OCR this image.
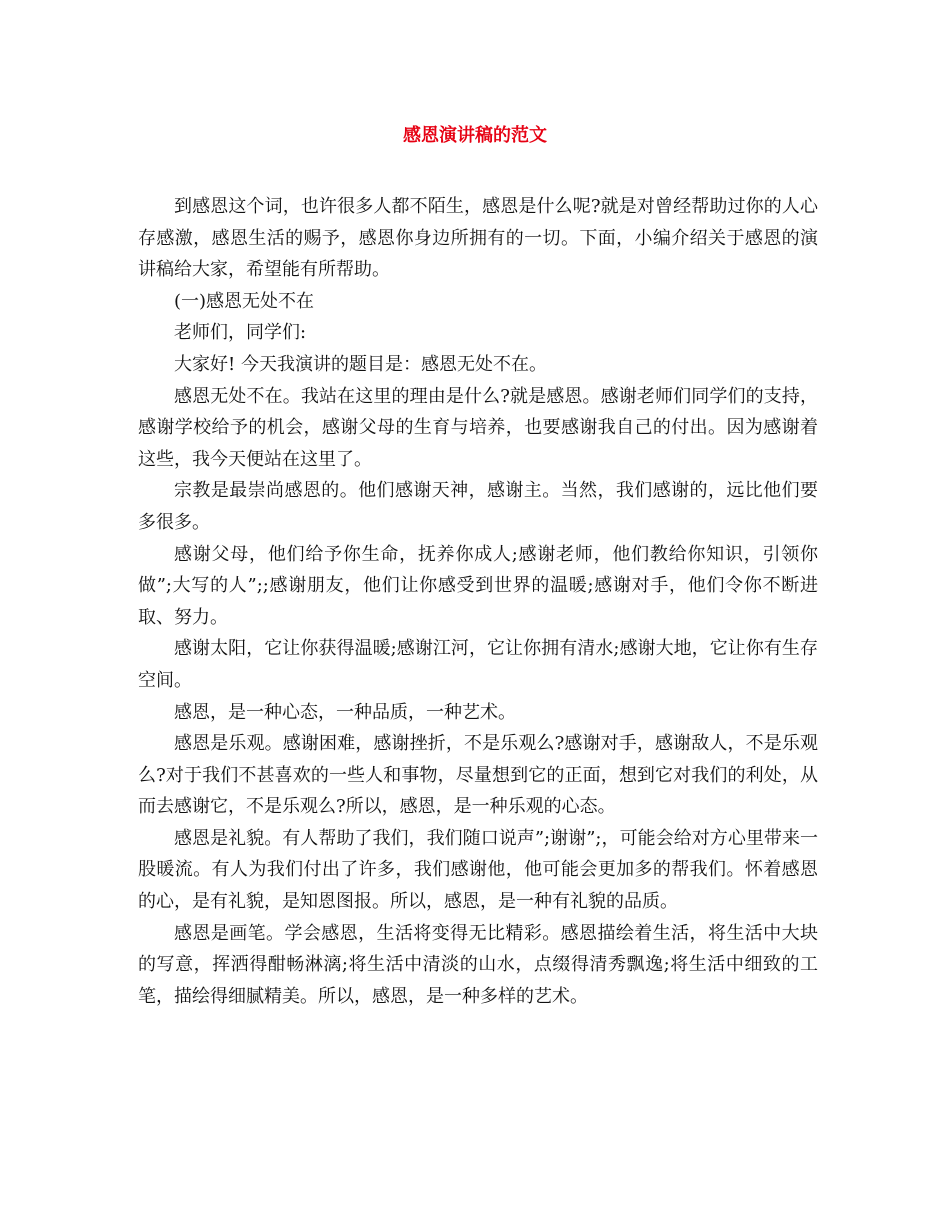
感恩演讲稿的范文

到感恩这个词，也许很多人都不陌生，感恩是什么呢?就是对曾经帮助过你的人心存感激，感恩生活的赐予，感恩你身边所拥有的一切。下面，小编介绍关于感恩的演讲稿给大家，希望能有所帮助。

(一)感恩无处不在

老师们，同学们:

大家好! 今天我演讲的题目是：感恩无处不在。

感恩无处不在。我站在这里的理由是什么?就是感恩。感谢老师们同学们的支持，感谢学校给予的机会，感谢父母的生育与培养，也要感谢我自己的付出。因为感谢着这些，我今天便站在这里了。

宗教是最崇尚感恩的。他们感谢天神，感谢主。当然，我们感谢的，远比他们要多很多。

感谢父母，他们给予你生命，抚养你成人;感谢老师，他们教给你知识，引领你做”;大写的人”;;感谢朋友，他们让你感受到世界的温暖;感谢对手，他们令你不断进取、努力。

感谢太阳，它让你获得温暖;感谢江河，它让你拥有清水;感谢大地，它让你有生存空间。

感恩，是一种心态，一种品质，一种艺术。

感恩是乐观。感谢困难，感谢挫折，不是乐观么?感谢对手，感谢敌人，不是乐观么?对于我们不甚喜欢的一些人和事物，尽量想到它的正面，想到它对我们的利处，从而去感谢它，不是乐观么?所以，感恩，是一种乐观的心态。

感恩是礼貌。有人帮助了我们，我们随口说声”;谢谢”;，可能会给对方心里带来一股暖流。有人为我们付出了许多，我们感谢他，他可能会更加多的帮我们。怀着感恩的心，是有礼貌，是知恩图报。所以，感恩，是一种有礼貌的品质。

感恩是画笔。学会感恩，生活将变得无比精彩。感恩描绘着生活，将生活中大块的写意，挥洒得酣畅淋漓;将生活中清淡的山水，点缀得清秀飘逸;将生活中细致的工笔，描绘得细腻精美。所以，感恩，是一种多样的艺术。
